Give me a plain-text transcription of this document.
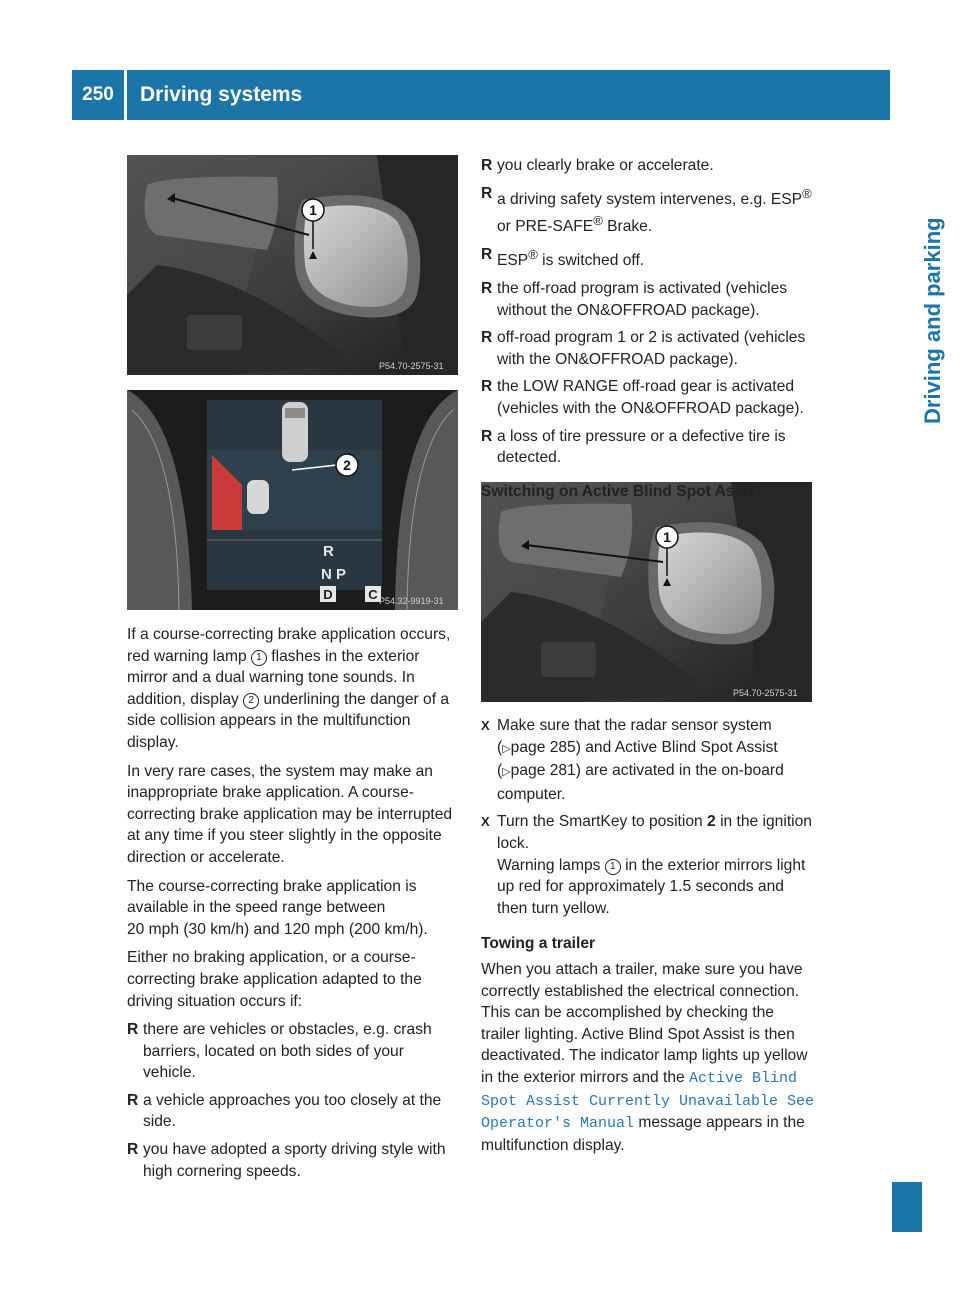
250	Driving systems
Driving and parking
1
P54.70-2575-31
2
R
N P
D	C P54.32-9919-31
1
P54.70-2575-31

If a course-correcting brake application occurs, red warning lamp 1 flashes in the exterior mirror and a dual warning tone sounds. In addition, display 2 underlining the danger of a side collision appears in the multifunction display.

In very rare cases, the system may make an inappropriate brake application. A course-correcting brake application may be interrupted at any time if you steer slightly in the opposite direction or accelerate.

The course-correcting brake application is available in the speed range between 20 mph (30 km/h) and 120 mph (200 km/h).

Either no braking application, or a course-correcting brake application adapted to the driving situation occurs if:

R there are vehicles or obstacles, e.g. crash barriers, located on both sides of your vehicle.
R a vehicle approaches you too closely at the side.
R you have adopted a sporty driving style with high cornering speeds.
R you clearly brake or accelerate.
R a driving safety system intervenes, e.g. ESP® or PRE-SAFE® Brake.
R ESP® is switched off.
R the off-road program is activated (vehicles without the ON&OFFROAD package).
R off-road program 1 or 2 is activated (vehicles with the ON&OFFROAD package).
R the LOW RANGE off-road gear is activated (vehicles with the ON&OFFROAD package).
R a loss of tire pressure or a defective tire is detected.
Switching on Active Blind Spot Assist
X Make sure that the radar sensor system (▷page 285) and Active Blind Spot Assist (▷page 281) are activated in the on-board computer.
X Turn the SmartKey to position 2 in the ignition lock.
Warning lamps 1 in the exterior mirrors light up red for approximately 1.5 seconds and then turn yellow.
Towing a trailer

When you attach a trailer, make sure you have correctly established the electrical connection. This can be accomplished by checking the trailer lighting. Active Blind Spot Assist is then deactivated. The indicator lamp lights up yellow in the exterior mirrors and the Active Blind Spot Assist Currently Unavailable See Operator's Manual message appears in the multifunction display.
